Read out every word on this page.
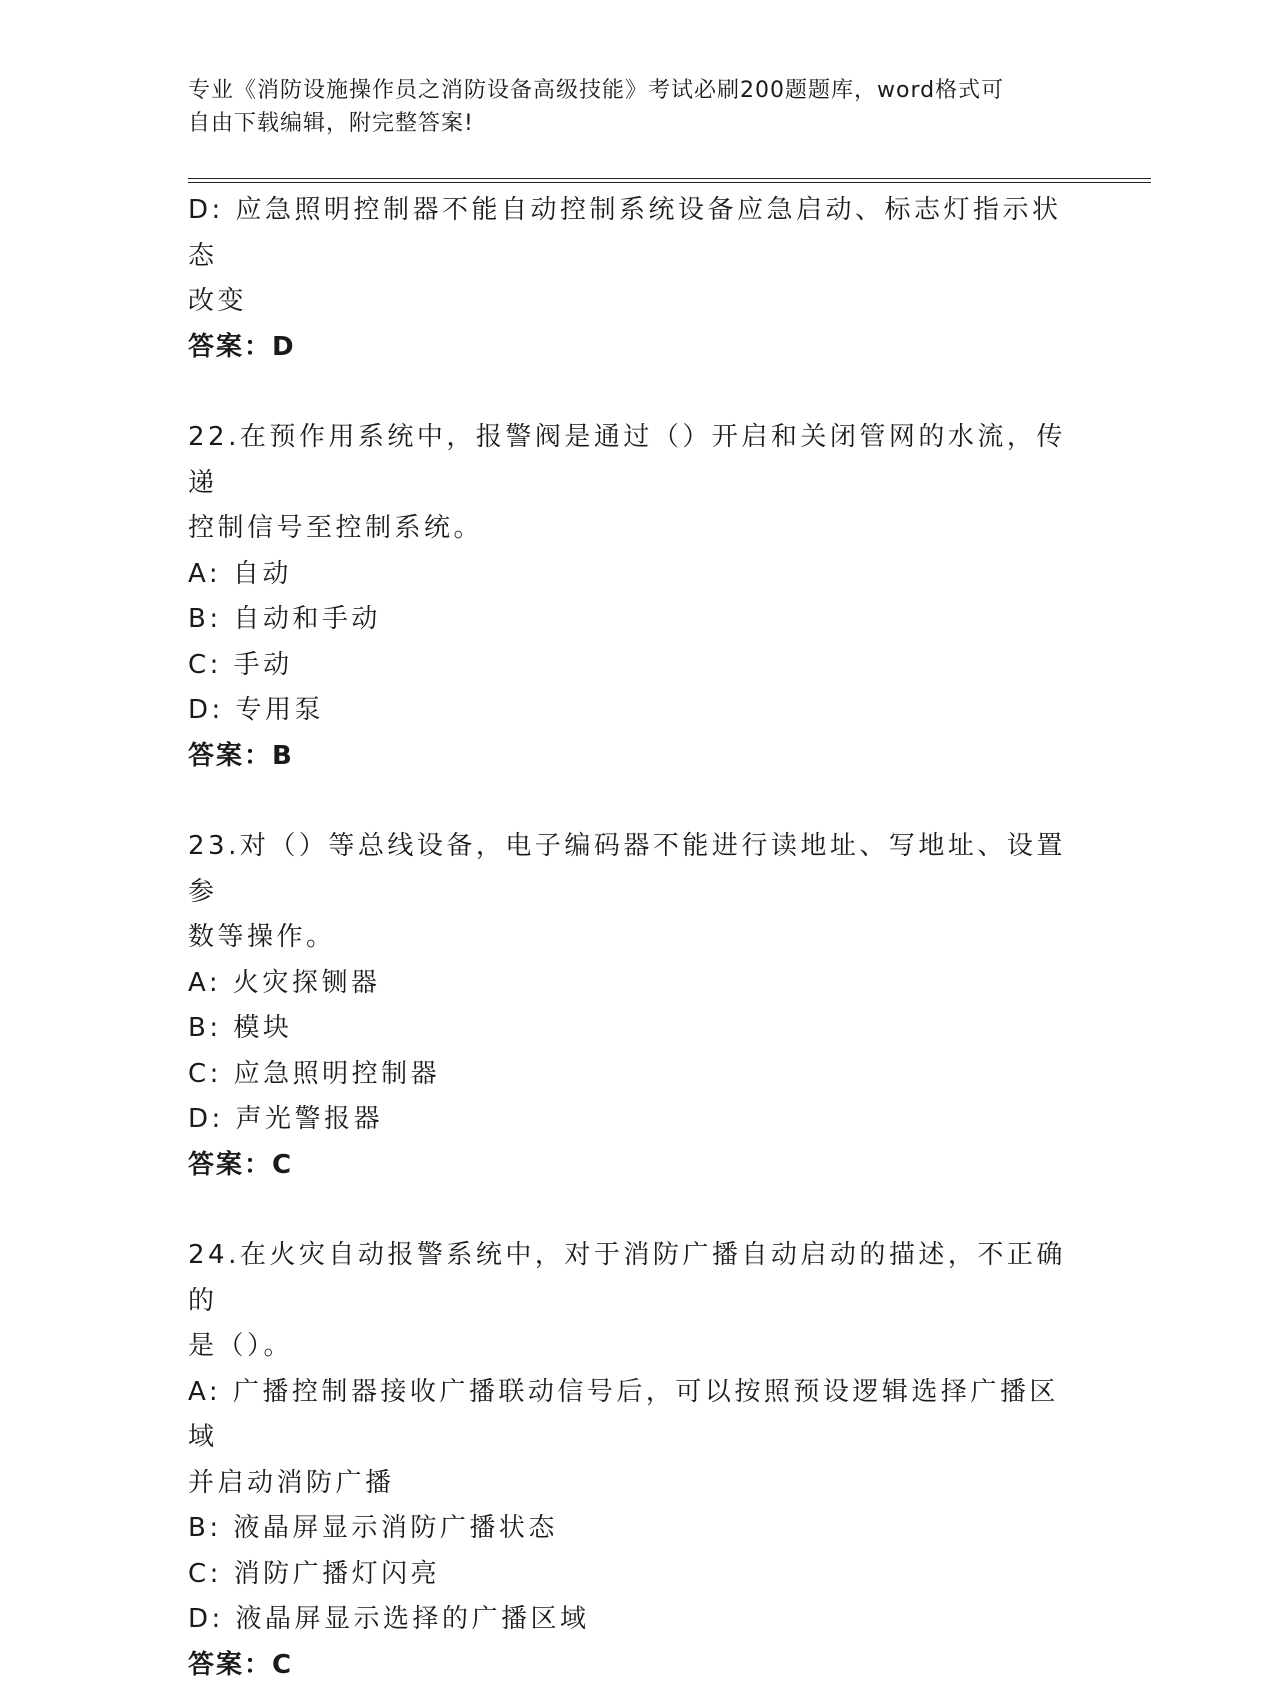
专业《消防设施操作员之消防设备高级技能》考试必刷200题题库，word格式可
自由下载编辑，附完整答案!
D: 应急照明控制器不能自动控制系统设备应急启动、标志灯指示状态
改变
答案：D
22.在预作用系统中，报警阀是通过（）开启和关闭管网的水流，传递
控制信号至控制系统。
A: 自动
B: 自动和手动
C: 手动
D: 专用泵
答案：B
23.对（）等总线设备，电子编码器不能进行读地址、写地址、设置参
数等操作。
A: 火灾探铡器
B: 模块
C: 应急照明控制器
D: 声光警报器
答案：C
24.在火灾自动报警系统中，对于消防广播自动启动的描述，不正确的
是（）。
A: 广播控制器接收广播联动信号后，可以按照预设逻辑选择广播区域
并启动消防广播
B: 液晶屏显示消防广播状态
C: 消防广播灯闪亮
D: 液晶屏显示选择的广播区域
答案：C
